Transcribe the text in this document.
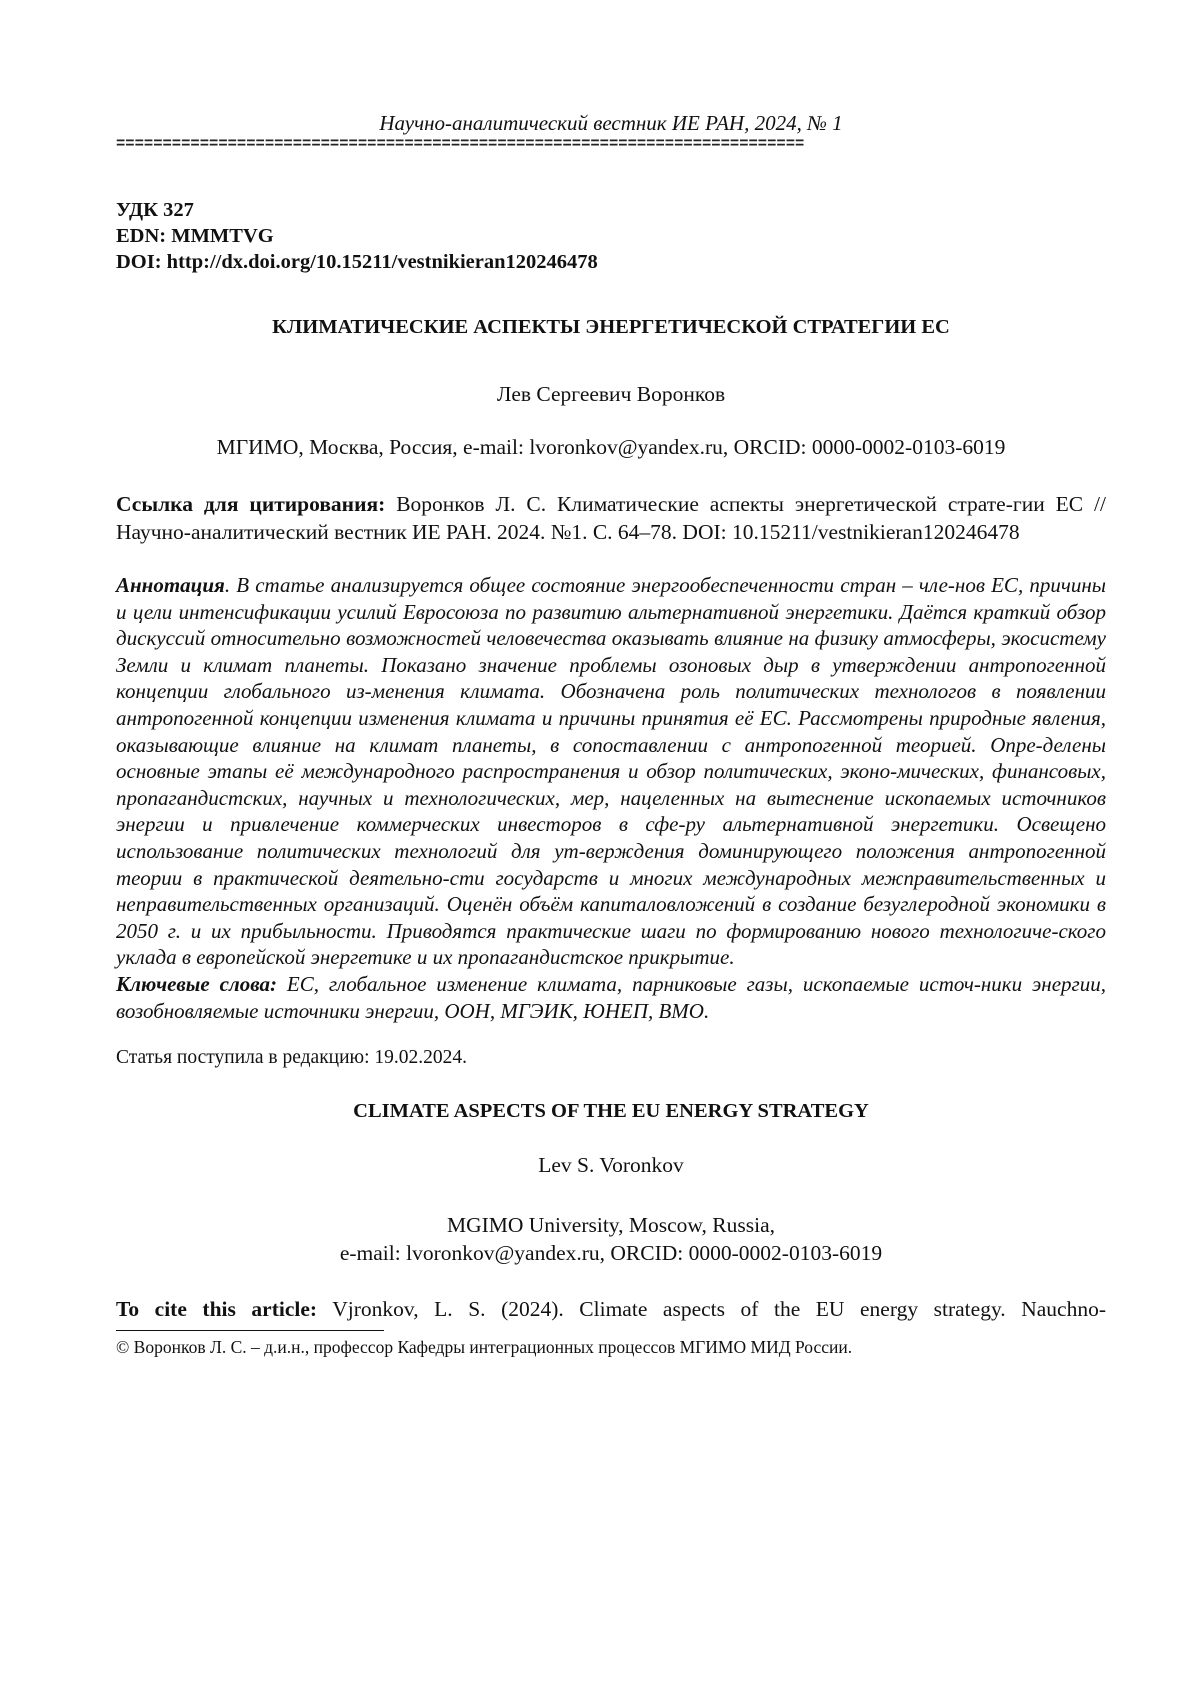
Научно-аналитический вестник ИЕ РАН, 2024, № 1
==========================================================================
УДК 327
EDN: MMMTVG
DOI: http://dx.doi.org/10.15211/vestnikieran120246478
КЛИМАТИЧЕСКИЕ АСПЕКТЫ ЭНЕРГЕТИЧЕСКОЙ СТРАТЕГИИ ЕС
Лев Сергеевич Воронков
МГИМО, Москва, Россия, e-mail: lvoronkov@yandex.ru, ORCID: 0000-0002-0103-6019
Ссылка для цитирования: Воронков Л. С. Климатические аспекты энергетической страте-гии ЕС // Научно-аналитический вестник ИЕ РАН. 2024. №1. С. 64–78. DOI: 10.15211/vestnikieran120246478
Аннотация. В статье анализируется общее состояние энергообеспеченности стран – чле-нов ЕС, причины и цели интенсификации усилий Евросоюза по развитию альтернативной энергетики. Даётся краткий обзор дискуссий относительно возможностей человечества оказывать влияние на физику атмосферы, экосистему Земли и климат планеты. Показано значение проблемы озоновых дыр в утверждении антропогенной концепции глобального из-менения климата. Обозначена роль политических технологов в появлении антропогенной концепции изменения климата и причины принятия её ЕС. Рассмотрены природные явления, оказывающие влияние на климат планеты, в сопоставлении с антропогенной теорией. Опре-делены основные этапы её международного распространения и обзор политических, эконо-мических, финансовых, пропагандистских, научных и технологических, мер, нацеленных на вытеснение ископаемых источников энергии и привлечение коммерческих инвесторов в сфе-ру альтернативной энергетики. Освещено использование политических технологий для ут-верждения доминирующего положения антропогенной теории в практической деятельно-сти государств и многих международных межправительственных и неправительственных организаций. Оценён объём капиталовложений в создание безуглеродной экономики в 2050 г. и их прибыльности. Приводятся практические шаги по формированию нового технологиче-ского уклада в европейской энергетике и их пропагандистское прикрытие.
Ключевые слова: ЕС, глобальное изменение климата, парниковые газы, ископаемые источ-ники энергии, возобновляемые источники энергии, ООН, МГЭИК, ЮНЕП, ВМО.
Статья поступила в редакцию: 19.02.2024.
CLIMATE ASPECTS OF THE EU ENERGY STRATEGY
Lev S. Voronkov
MGIMO University, Moscow, Russia,
e-mail: lvoronkov@yandex.ru, ORCID: 0000-0002-0103-6019
To cite this article: Vjronkov, L. S. (2024). Climate aspects of the EU energy strategy. Nauchno-
© Воронков Л. С. – д.и.н., профессор Кафедры интеграционных процессов МГИМО МИД России.
